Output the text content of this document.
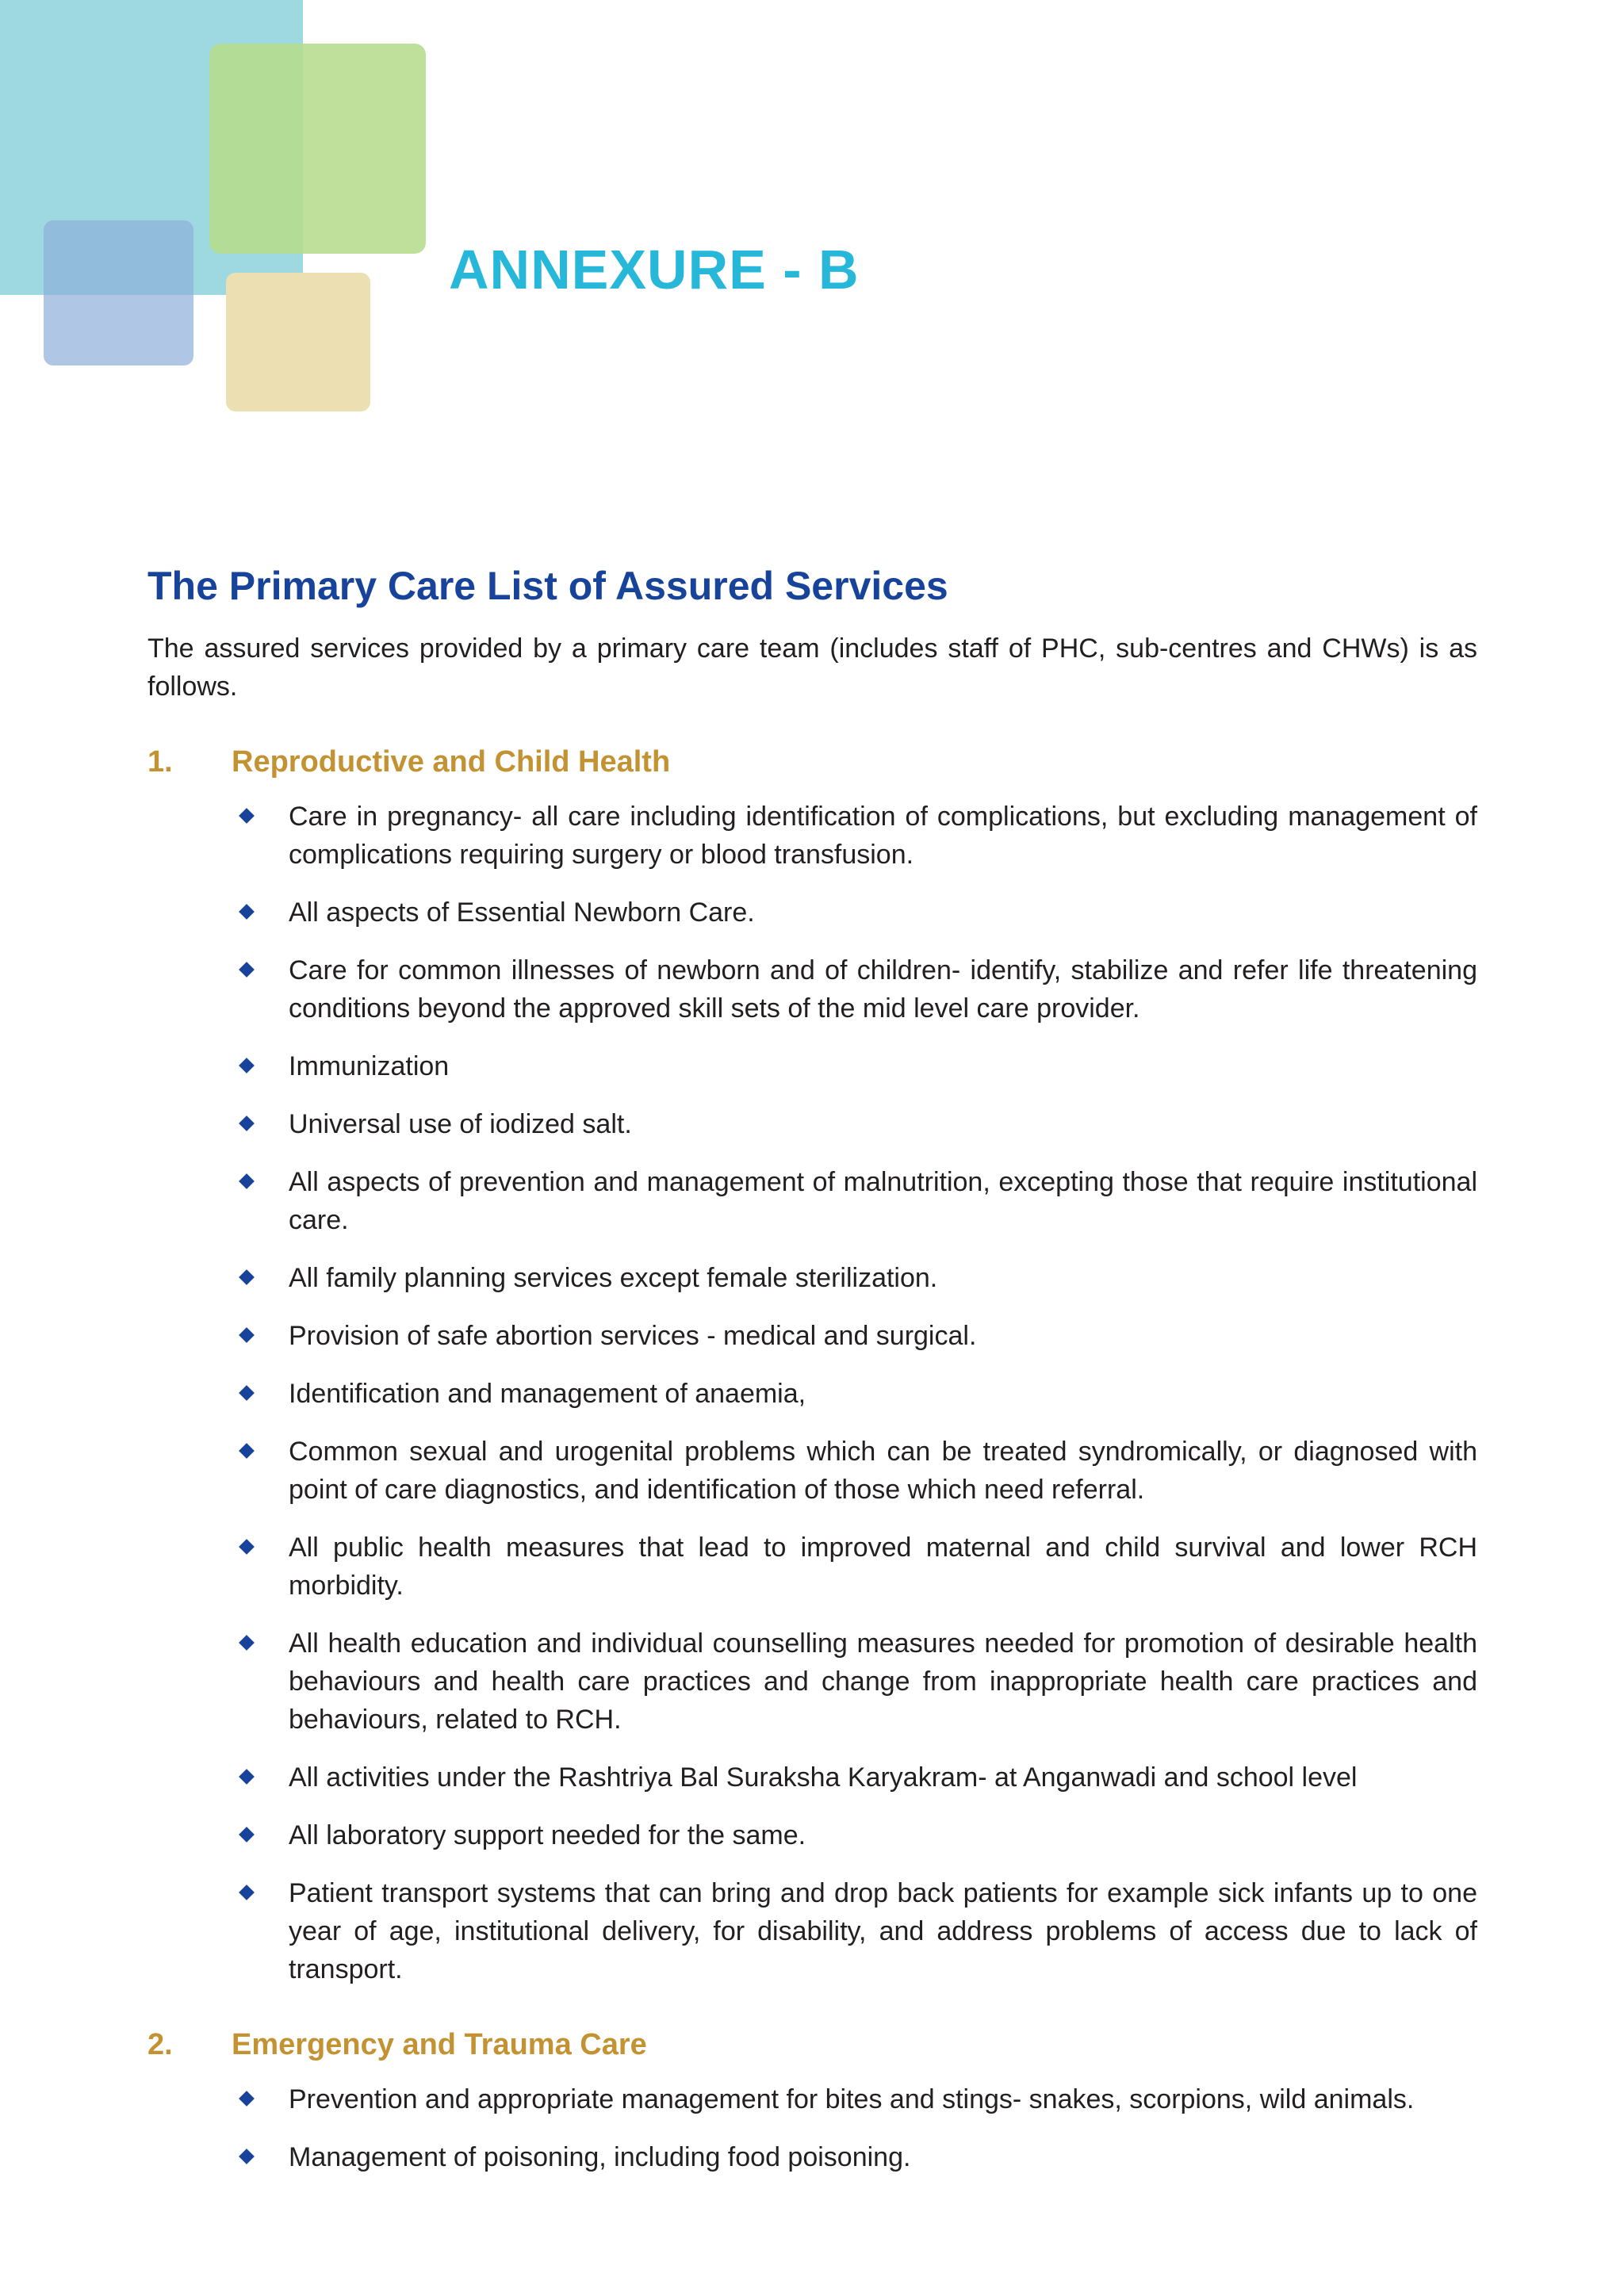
ANNEXURE - B
The Primary Care List of Assured Services

The assured services provided by a primary care team (includes staff of PHC, sub-centres and CHWs) is as follows.

1.	Reproductive and Child Health
Care in pregnancy- all care including identification of complications, but excluding management of complications requiring surgery or blood transfusion.
All aspects of Essential Newborn Care.
Care for common illnesses of newborn and of children- identify, stabilize and refer life threatening conditions beyond the approved skill sets of the mid level care provider.
Immunization
Universal use of iodized salt.
All aspects of prevention and management of malnutrition, excepting those that require institutional care.
All family planning services except female sterilization.
Provision of safe abortion services - medical and surgical.
Identification and management of anaemia,
Common sexual and urogenital problems which can be treated syndromically, or diagnosed with point of care diagnostics, and identification of those which need referral.
All public health measures that lead to improved maternal and child survival and lower RCH morbidity.
All health education and individual counselling measures needed for promotion of desirable health behaviours and health care practices and change from inappropriate health care practices and behaviours, related to RCH.
All activities under the Rashtriya Bal Suraksha Karyakram- at Anganwadi and school level
All laboratory support needed for the same.
Patient transport systems that can bring and drop back patients for example sick infants up to one year of age, institutional delivery, for disability, and address problems of access due to lack of transport.
2.	Emergency and Trauma Care
Prevention and appropriate management for bites and stings- snakes, scorpions, wild animals.
Management of poisoning, including food poisoning.
